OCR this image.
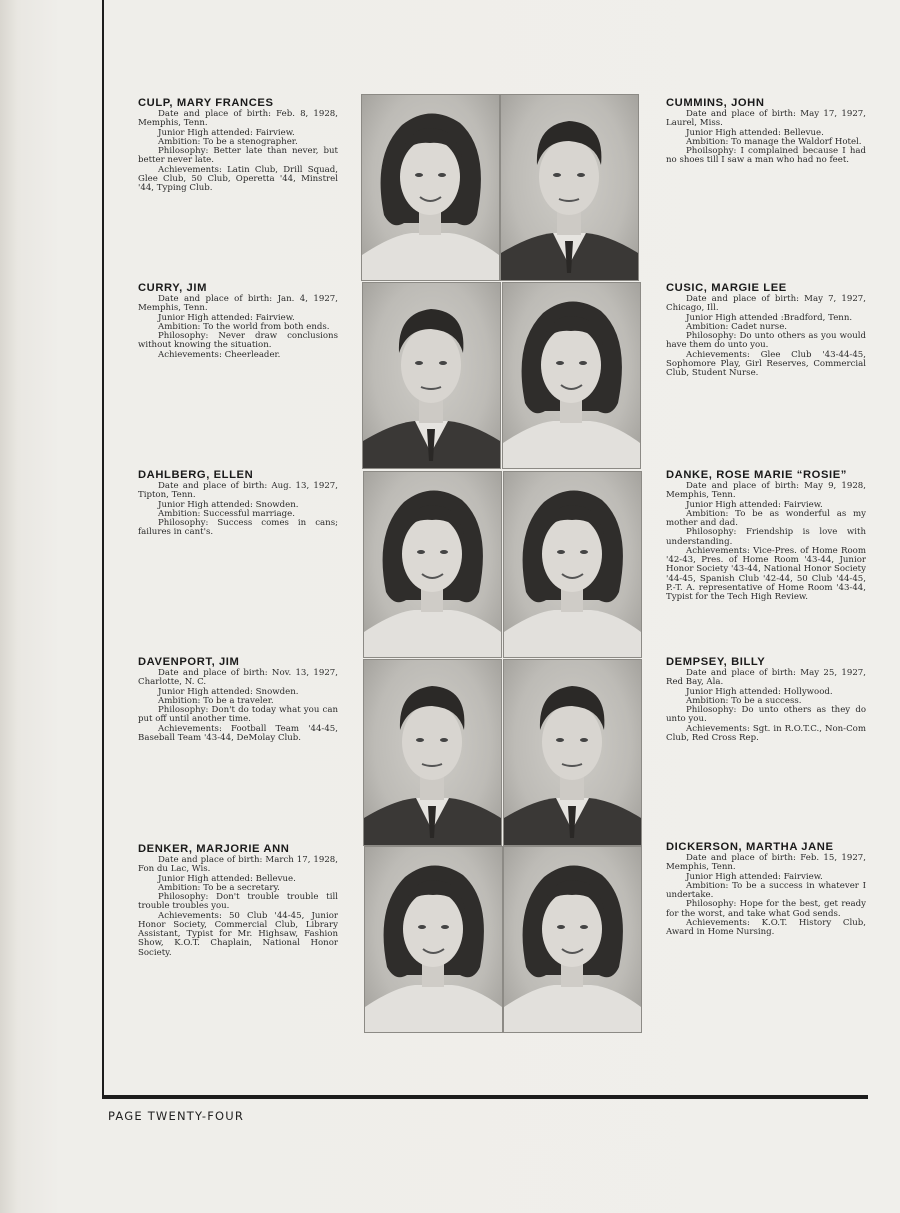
PAGE TWENTY-FOUR
CULP, MARY FRANCES
Date and place of birth: Feb. 8, 1928, Memphis, Tenn.
Junior High attended: Fairview.
Ambition: To be a stenographer.
Philosophy: Better late than never, but better never late.
Achievements: Latin Club, Drill Squad, Glee Club, 50 Club, Operetta '44, Minstrel '44, Typing Club.
CUMMINS, JOHN
Date and place of birth: May 17, 1927, Laurel, Miss.
Junior High attended: Bellevue.
Ambition: To manage the Waldorf Hotel.
Phoilsophy: I complained because I had no shoes till I saw a man who had no feet.
CURRY, JIM
Date and place of birth: Jan. 4, 1927, Memphis, Tenn.
Junior High attended: Fairview.
Ambition: To the world from both ends.
Philosophy: Never draw conclusions without knowing the situation.
Achievements: Cheerleader.
CUSIC, MARGIE LEE
Date and place of birth: May 7, 1927, Chicago, Ill.
Junior High attended :Bradford, Tenn.
Ambition: Cadet nurse.
Philosophy: Do unto others as you would have them do unto you.
Achievements: Glee Club '43-44-45, Sophomore Play, Girl Reserves, Commercial Club, Student Nurse.
DAHLBERG, ELLEN
Date and place of birth: Aug. 13, 1927, Tipton, Tenn.
Junior High attended: Snowden.
Ambition: Successful marriage.
Philosophy: Success comes in cans; failures in cant's.
DANKE, ROSE MARIE “ROSIE”
Date and place of birth: May 9, 1928, Memphis, Tenn.
Junior High attended: Fairview.
Ambition: To be as wonderful as my mother and dad.
Philosophy: Friendship is love with understanding.
Achievements: Vice-Pres. of Home Room '42-43, Pres. of Home Room '43-44, Junior Honor Society '43-44, National Honor Society '44-45, Spanish Club '42-44, 50 Club '44-45, P.-T. A. representative of Home Room '43-44, Typist for the Tech High Review.
DAVENPORT, JIM
Date and place of birth: Nov. 13, 1927, Charlotte, N. C.
Junior High attended: Snowden.
Ambition: To be a traveler.
Philosophy: Don't do today what you can put off until another time.
Achievements: Football Team '44-45, Baseball Team '43-44, DeMolay Club.
DEMPSEY, BILLY
Date and place of birth: May 25, 1927, Red Bay, Ala.
Junior High attended: Hollywood.
Ambition: To be a success.
Philosophy: Do unto others as they do unto you.
Achievements: Sgt. in R.O.T.C., Non-Com Club, Red Cross Rep.
DENKER, MARJORIE ANN
Date and place of birth: March 17, 1928, Fon du Lac, Wis.
Junior High attended: Bellevue.
Ambition: To be a secretary.
Philosophy: Don't trouble trouble till trouble troubles you.
Achievements: 50 Club '44-45, Junior Honor Society, Commercial Club, Library Assistant, Typist for Mr. Highsaw, Fashion Show, K.O.T. Chaplain, National Honor Society.
DICKERSON, MARTHA JANE
Date and place of birth: Feb. 15, 1927, Memphis, Tenn.
Junior High attended: Fairview.
Ambition: To be a success in whatever I undertake.
Philosophy: Hope for the best, get ready for the worst, and take what God sends.
Achievements: K.O.T. History Club, Award in Home Nursing.
